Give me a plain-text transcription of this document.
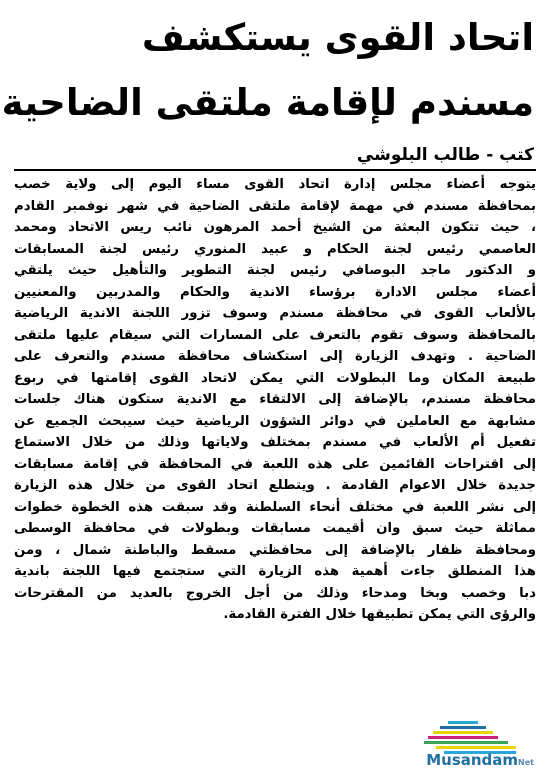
اتحاد القوى يستكشف
مسندم لإقامة ملتقى الضاحية
كتب - طالب البلوشي
يتوجه أعضاء مجلس إدارة اتحاد القوى مساء اليوم إلى ولاية خصب
بمحافظة مسندم في مهمة لإقامة ملتقى الضاحية في شهر نوفمبر القادم
، حيث تتكون البعثة من الشيخ أحمد المرهون نائب ريس الاتحاد ومحمد
العاصمي رئيس لجنة الحكام و عبيد المنوري رئيس لجنة المسابقات
و الدكتور ماجد البوصافي رئيس لجنة التطوير والتأهيل حيث يلتقي
أعضاء مجلس الادارة برؤساء الاندية والحكام والمدربين والمعنيين
بالألعاب القوى في محافظة مسندم وسوف تزور اللجنة الاندية الرياضية
بالمحافظة وسوف تقوم بالتعرف على المسارات التي سيقام عليها ملتقى
الضاحية . وتهدف الزيارة إلى استكشاف محافظة مسندم والتعرف على
طبيعة المكان وما البطولات التي يمكن لاتحاد القوى إقامتها في ربوع
محافظة مسندم، بالإضافة إلى الالتقاء مع الاندية ستكون هناك جلسات
مشابهة مع العاملين في دوائر الشؤون الرياضية حيث سيبحث الجميع عن
تفعيل أم الألعاب في مسندم بمختلف ولاياتها وذلك من خلال الاستماع
إلى اقتراحات القائمين على هذه اللعبة في المحافظة في إقامة مسابقات
جديدة خلال الاعوام القادمة . ويتطلع اتحاد القوى من خلال هذه الزيارة
إلى نشر اللعبة في مختلف أنحاء السلطنة وقد سبقت هذه الخطوة خطوات
مماثلة حيث سبق وان أقيمت مسابقات وبطولات في محافظة الوسطى
ومحافظة ظفار بالإضافة إلى محافظتي مسقط والباطنة شمال ، ومن
هذا المنطلق جاءت أهمية هذه الزيارة التي ستجتمع فيها اللجنة باندية
دبا وخصب وبخا ومدحاء وذلك من أجل الخروج بالعديد من المقترحات
والرؤى التي يمكن تطبيقها خلال الفترة القادمة.
MusandamNet
